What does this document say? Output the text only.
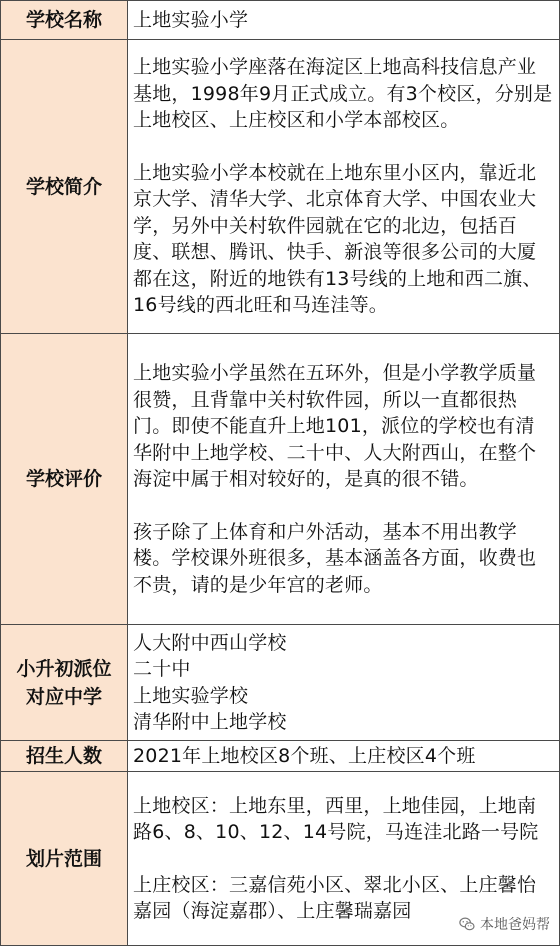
学校名称	上地实验小学

学校简介	上地实验小学座落在海淀区上地高科技信息产业基地，1998年9月正式成立。有3个校区，分别是上地校区、上庄校区和小学本部校区。

上地实验小学本校就在上地东里小区内，靠近北京大学、清华大学、北京体育大学、中国农业大学，另外中关村软件园就在它的北边，包括百度、联想、腾讯、快手、新浪等很多公司的大厦都在这，附近的地铁有13号线的上地和西二旗、16号线的西北旺和马连洼等。

学校评价	上地实验小学虽然在五环外，但是小学教学质量很赞，且背靠中关村软件园，所以一直都很热门。即使不能直升上地101，派位的学校也有清华附中上地学校、二十中、人大附西山，在整个海淀中属于相对较好的，是真的很不错。

孩子除了上体育和户外活动，基本不用出教学楼。学校课外班很多，基本涵盖各方面，收费也不贵，请的是少年宫的老师。

小升初派位
对应中学	人大附中西山学校
二十中
上地实验学校
清华附中上地学校

招生人数	2021年上地校区8个班、上庄校区4个班

划片范围	上地校区：上地东里，西里，上地佳园，上地南路6、8、10、12、14号院，马连洼北路一号院

上庄校区：三嘉信苑小区、翠北小区、上庄馨怡嘉园（海淀嘉郡）、上庄馨瑞嘉园

本地爸妈帮
